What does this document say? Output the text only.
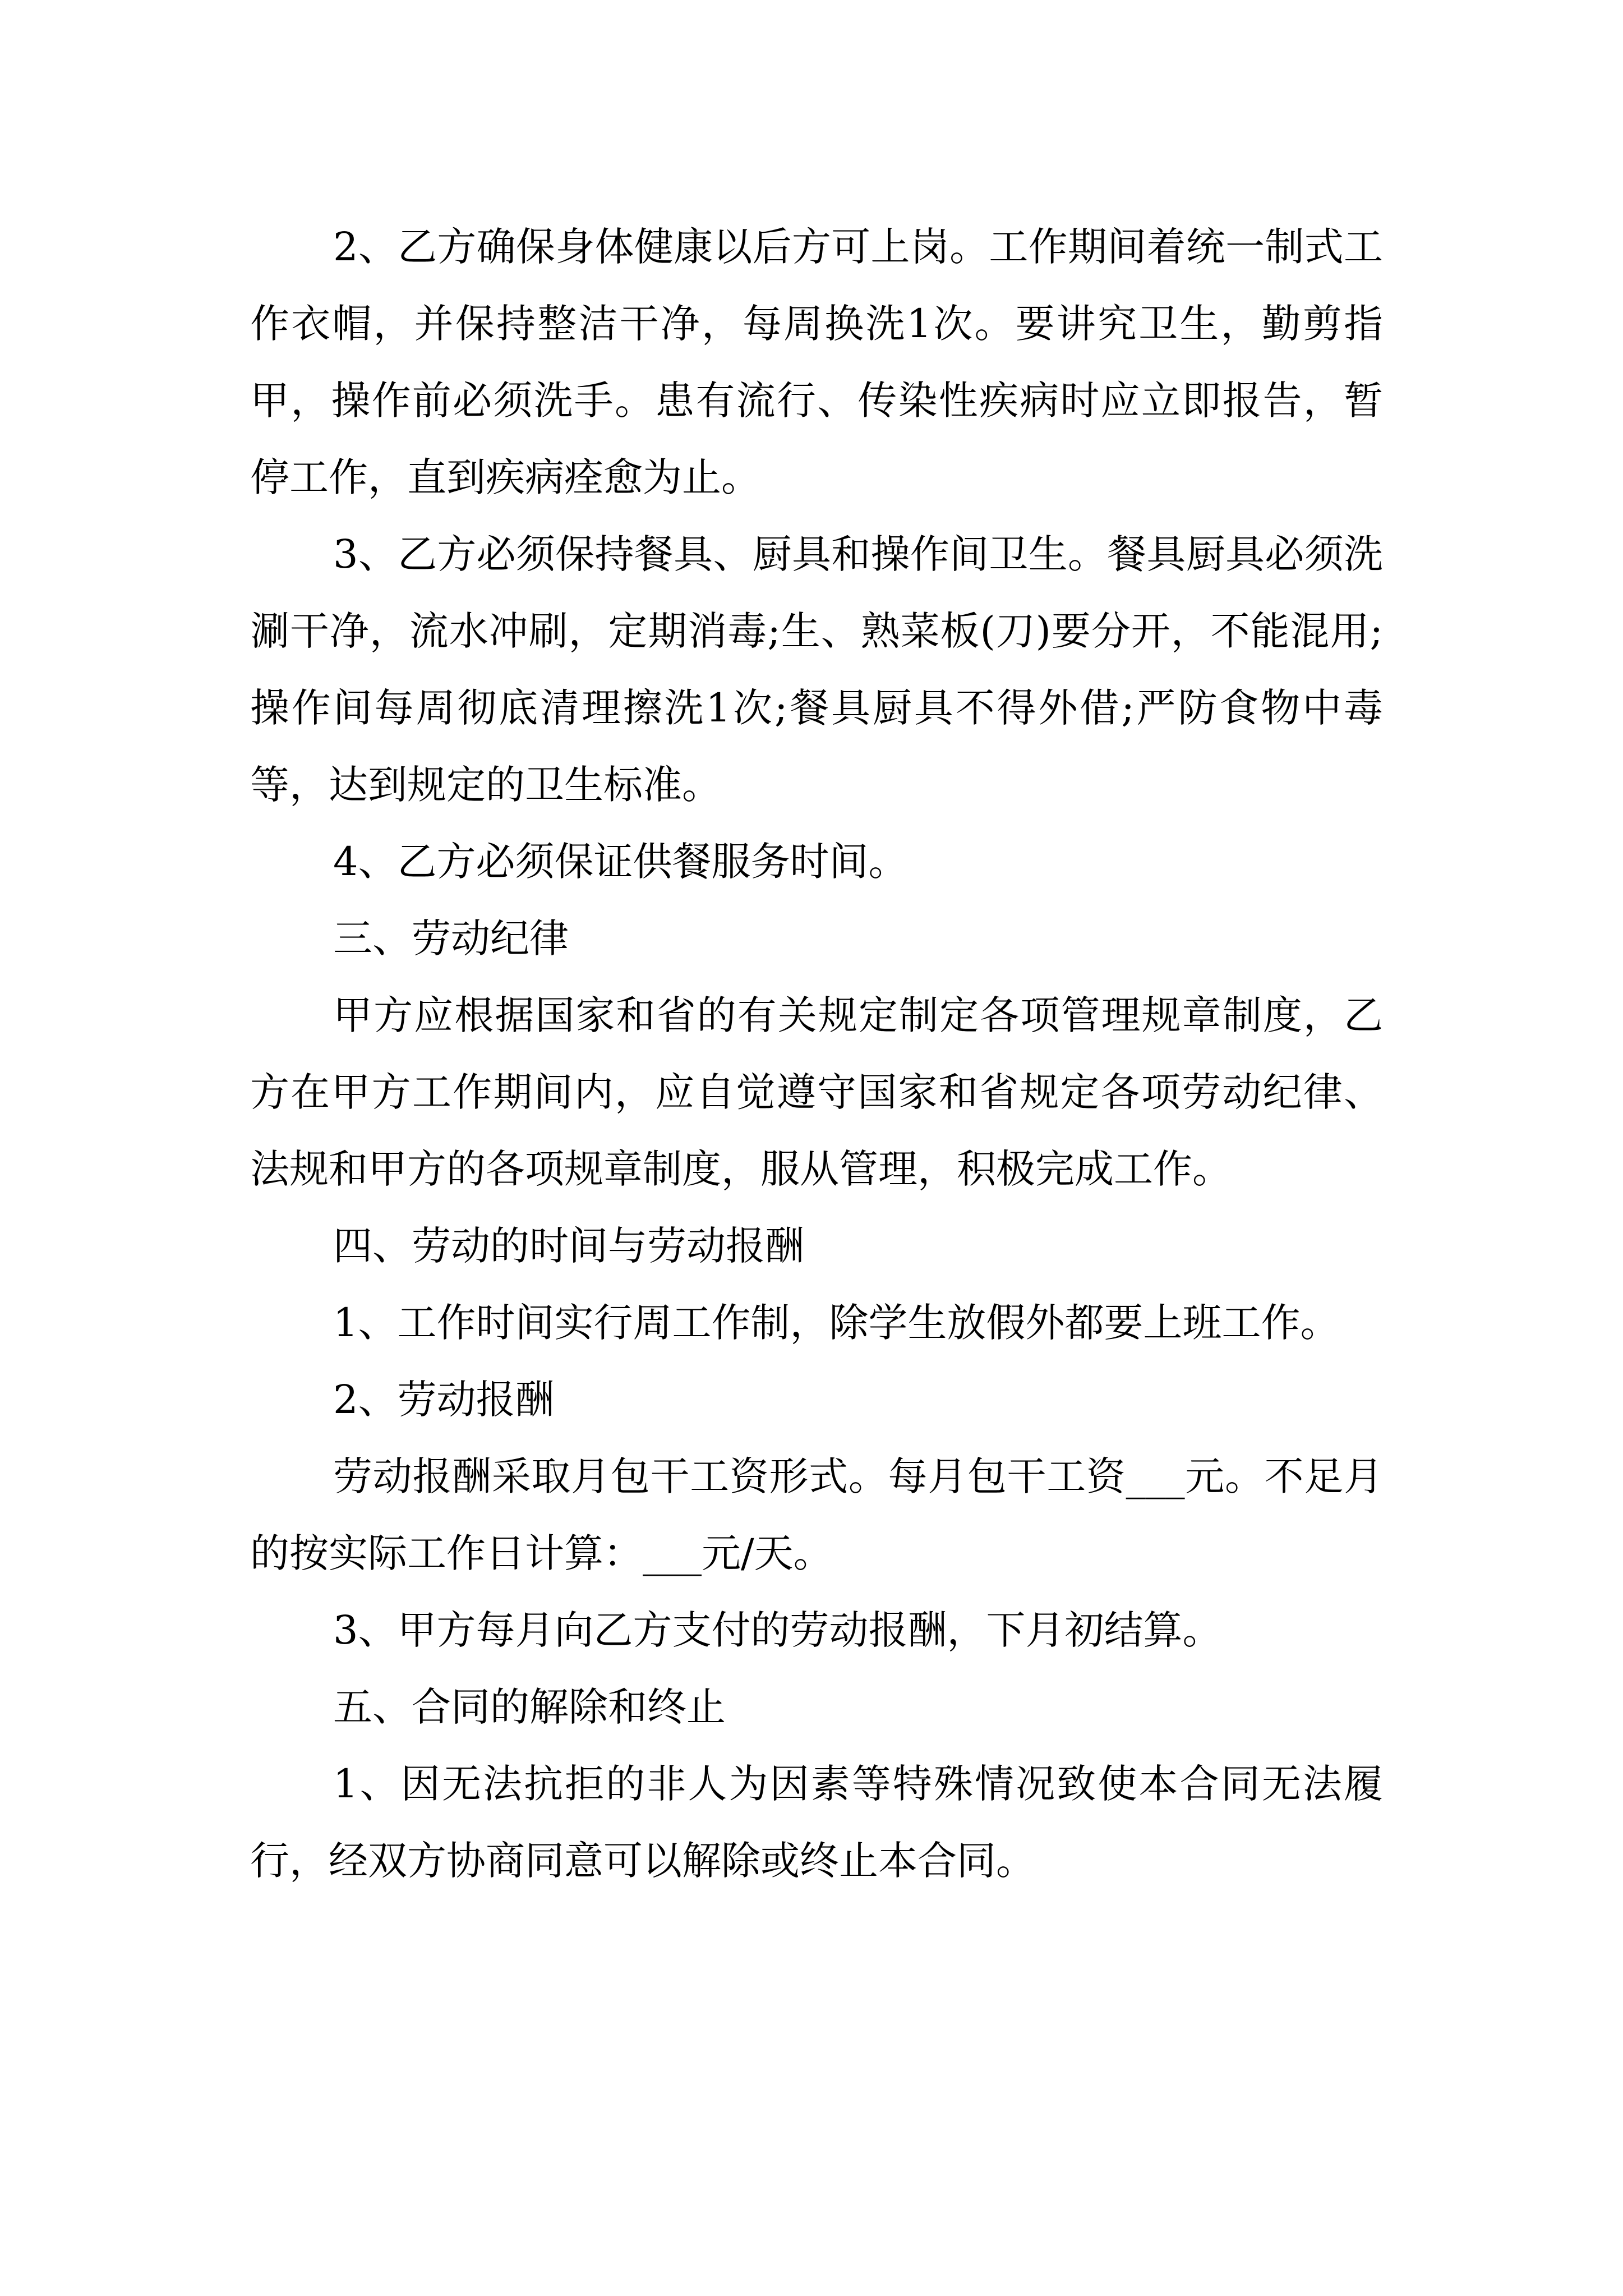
2、乙方确保身体健康以后方可上岗。工作期间着统一制式工作衣帽，并保持整洁干净，每周换洗1次。要讲究卫生，勤剪指甲，操作前必须洗手。患有流行、传染性疾病时应立即报告，暂停工作，直到疾病痊愈为止。

3、乙方必须保持餐具、厨具和操作间卫生。餐具厨具必须洗涮干净，流水冲刷，定期消毒;生、熟菜板(刀)要分开，不能混用;操作间每周彻底清理擦洗1次;餐具厨具不得外借;严防食物中毒等，达到规定的卫生标准。

4、乙方必须保证供餐服务时间。

三、劳动纪律

甲方应根据国家和省的有关规定制定各项管理规章制度，乙方在甲方工作期间内，应自觉遵守国家和省规定各项劳动纪律、法规和甲方的各项规章制度，服从管理，积极完成工作。

四、劳动的时间与劳动报酬

1、工作时间实行周工作制，除学生放假外都要上班工作。

2、劳动报酬

劳动报酬采取月包干工资形式。每月包干工资___元。不足月的按实际工作日计算：___元/天。

3、甲方每月向乙方支付的劳动报酬，下月初结算。

五、合同的解除和终止

1、因无法抗拒的非人为因素等特殊情况致使本合同无法履行，经双方协商同意可以解除或终止本合同。
